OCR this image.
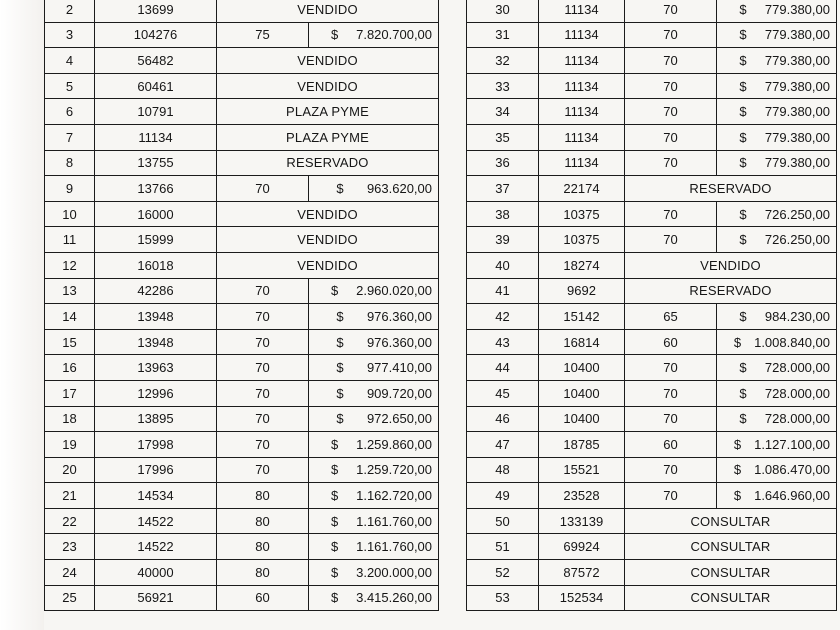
2	13699	VENDIDO	
3	104276	75	$ 7.820.700,00

4	56482	VENDIDO	
5	60461	VENDIDO	
6	10791	PLAZA PYME	
7	11134	PLAZA PYME	
8	13755	RESERVADO	
9	13766	70	$ 963.620,00

10	16000	VENDIDO	
11	15999	VENDIDO	
12	16018	VENDIDO	
13	42286	70	$ 2.960.020,00

14	13948	70	$ 976.360,00

15	13948	70	$ 976.360,00

16	13963	70	$ 977.410,00

17	12996	70	$ 909.720,00

18	13895	70	$ 972.650,00

19	17998	70	$ 1.259.860,00

20	17996	70	$ 1.259.720,00

21	14534	80	$ 1.162.720,00

22	14522	80	$ 1.161.760,00

23	14522	80	$ 1.161.760,00

24	40000	80	$ 3.200.000,00

25	56921	60	$ 3.415.260,00
30	11134	70	$ 779.380,00

31	11134	70	$ 779.380,00

32	11134	70	$ 779.380,00

33	11134	70	$ 779.380,00

34	11134	70	$ 779.380,00

35	11134	70	$ 779.380,00

36	11134	70	$ 779.380,00

37	22174	RESERVADO	
38	10375	70	$ 726.250,00

39	10375	70	$ 726.250,00

40	18274	VENDIDO	
41	9692	RESERVADO	
42	15142	65	$ 984.230,00

43	16814	60	$ 1.008.840,00

44	10400	70	$ 728.000,00

45	10400	70	$ 728.000,00

46	10400	70	$ 728.000,00

47	18785	60	$ 1.127.100,00

48	15521	70	$ 1.086.470,00

49	23528	70	$ 1.646.960,00

50	133139	CONSULTAR	
51	69924	CONSULTAR	
52	87572	CONSULTAR	
53	152534	CONSULTAR	
